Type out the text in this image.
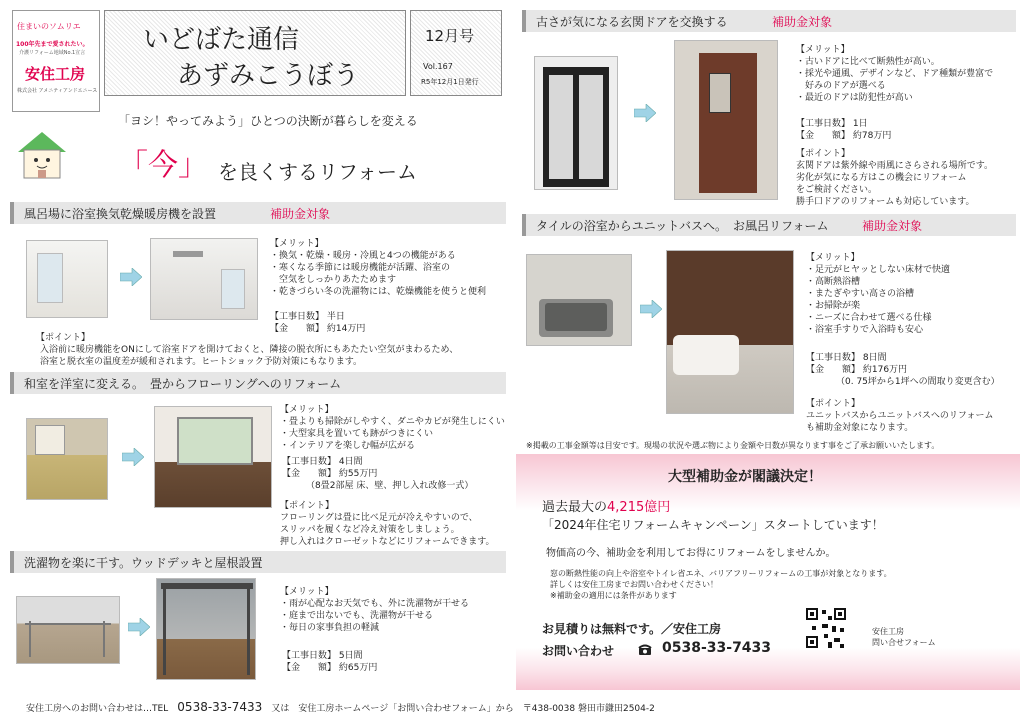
住まいのソムリエ
100年先まで愛されたい。
介護リフォーム地域No.1宣言
安住工房
株式会社 アメニティアンドエニース
いどばた通信
あずみこうぼう
12月号
Vol.167
R5年12月1日発行
「ヨシ！やってみよう」ひとつの決断が暮らしを変える
「今」 を良くするリフォーム
風呂場に浴室換気乾燥暖房機を設置	補助金対象
【メリット】
・換気・乾燥・暖房・冷風と4つの機能がある
・寒くなる季節には暖房機能が活躍、浴室の
　空気をしっかりあたためます
・乾きづらい冬の洗濯物には、乾燥機能を使うと便利
【工事日数】 半日
【金　　額】 約14万円
【ポイント】
入浴前に暖房機能をONにして浴室ドアを開けておくと、隣接の脱衣所にもあたたい空気がまわるため、
浴室と脱衣室の温度差が緩和されます。ヒートショック予防対策にもなります。
和室を洋室に変える。　畳からフローリングへのリフォーム
【メリット】
・畳よりも掃除がしやすく、ダニやカビが発生しにくい
・大型家具を置いても跡がつきにくい
・インテリアを楽しむ幅が広がる
【工事日数】 4日間
【金　　額】 約55万円
（8畳2部屋 床、壁、押し入れ改修一式）
【ポイント】
フローリングは畳に比べ足元が冷えやすいので、
スリッパを履くなど冷え対策をしましょう。
押し入れはクローゼットなどにリフォームできます。
洗濯物を楽に干す。ウッドデッキと屋根設置
【メリット】
・雨が心配なお天気でも、外に洗濯物が干せる
・庭まで出ないでも、洗濯物が干せる
・毎日の家事負担の軽減
【工事日数】 5日間
【金　　額】 約65万円
古さが気になる玄関ドアを交換する	補助金対象
【メリット】
・古いドアに比べて断熱性が高い。
・採光や通風、デザインなど、ドア種類が豊富で
　好みのドアが選べる
・最近のドアは防犯性が高い
【工事日数】 1日
【金　　額】 約78万円
【ポイント】
玄関ドアは紫外線や雨風にさらされる場所です。
劣化が気になる方はこの機会にリフォーム
をご検討ください。
勝手口ドアのリフォームも対応しています。
タイルの浴室からユニットバスへ。　お風呂リフォーム	補助金対象
【メリット】
・足元がヒヤッとしない床材で快適
・高断熱浴槽
・またぎやすい高さの浴槽
・お掃除が楽
・ニーズに合わせて選べる仕様
・浴室手すりで入浴時も安心
【工事日数】 8日間
【金　　額】 約176万円
（0. 75坪から1坪への間取り変更含む）
【ポイント】
ユニットバスからユニットバスへのリフォーム
も補助金対象になります。
※掲載の工事金額等は目安です。現場の状況や選ぶ物により金額や日数が異なります事をご了承お願いいたします。
大型補助金が閣議決定！
過去最大の4,215億円
「2024年住宅リフォームキャンペーン」スタートしています！
物価高の今、補助金を利用してお得にリフォームをしませんか。
窓の断熱性能の向上や浴室やトイレ省エネ、バリアフリーリフォームの工事が対象となります。
詳しくは安住工房までお問い合わせください！
※補助金の適用には条件があります
お見積りは無料です。／安住工房
お問い合わせ	0538-33-7433
安住工房
問い合せフォーム
安住工房へのお問い合わせは…TEL 0538-33-7433 又は　安住工房ホームページ「お問い合わせフォーム」から　〒438-0038 磐田市鎌田2504-2
